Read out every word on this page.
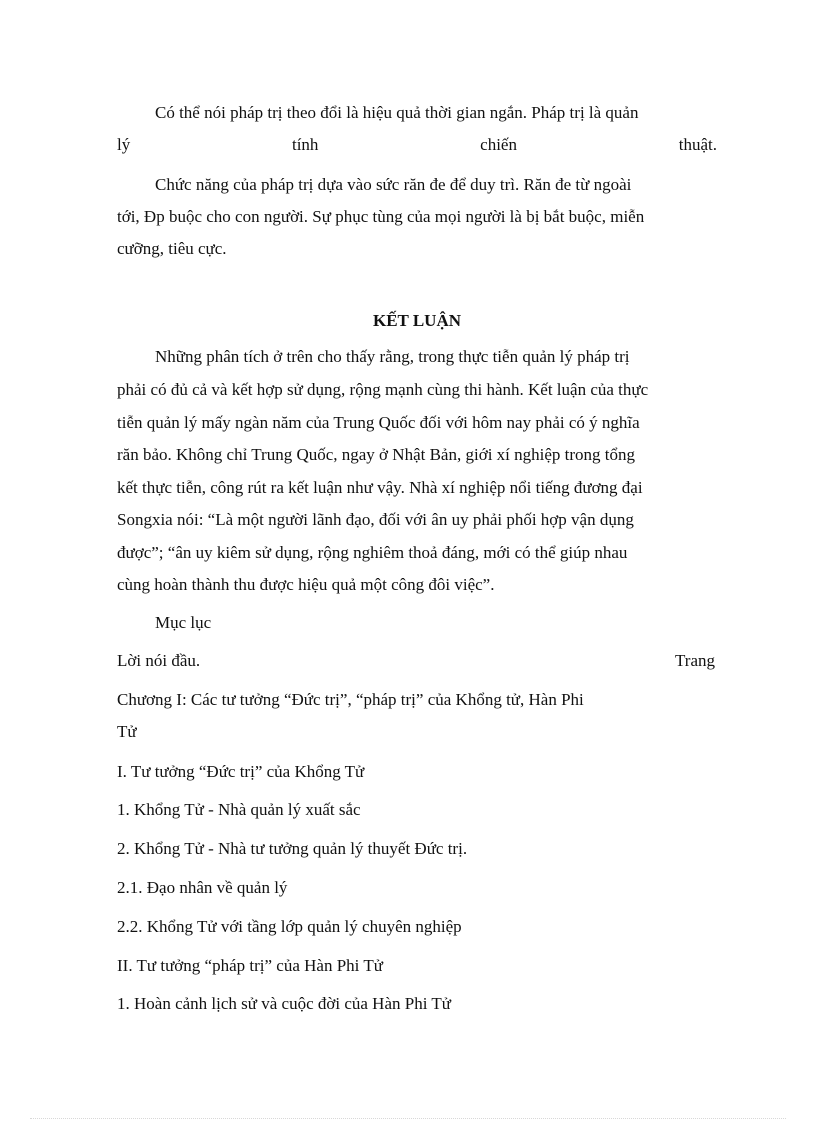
Có thể nói pháp trị theo đổi là hiệu quả thời gian ngắn. Pháp trị là quản
lý	tính	chiến	thuật.
Chức năng của pháp trị dựa vào sức răn đe để duy trì. Răn đe từ ngoài
tới, Đp buộc cho con người. Sự phục tùng của mọi người là bị bắt buộc, miễn
cưỡng, tiêu cực.
KẾT LUẬN
Những phân tích ở trên cho thấy rằng, trong thực tiễn quản lý pháp trị
phải có đủ cả và kết hợp sử dụng, rộng mạnh cùng thi hành. Kết luận của thực
tiễn quản lý mấy ngàn năm của Trung Quốc đối với hôm nay phải có ý nghĩa
răn bảo. Không chỉ Trung Quốc, ngay ở Nhật Bản, giới xí nghiệp trong tổng
kết thực tiễn, công rút ra kết luận như vậy. Nhà xí nghiệp nổi tiếng đương đại
Songxia nói: “Là một người lãnh đạo, đối với ân uy phải phối hợp vận dụng
được”; “ân uy kiêm sử dụng, rộng nghiêm thoả đáng, mới có thể giúp nhau
cùng hoàn thành thu được hiệu quả một công đôi việc”.
Mục lục
Lời nói đầu.	Trang
Chương I: Các tư tưởng “Đức trị”, “pháp trị” của Khổng tử, Hàn Phi
Tử
I. Tư tưởng “Đức trị” của Khổng Tử
1. Khổng Tử - Nhà quản lý xuất sắc
2. Khổng Tử - Nhà tư tưởng quản lý thuyết Đức trị.
2.1. Đạo nhân về quản lý
2.2. Khổng Tử với tầng lớp quản lý chuyên nghiệp
II. Tư tưởng “pháp trị” của Hàn Phi Tử
1. Hoàn cảnh lịch sử và cuộc đời của Hàn Phi Tử
